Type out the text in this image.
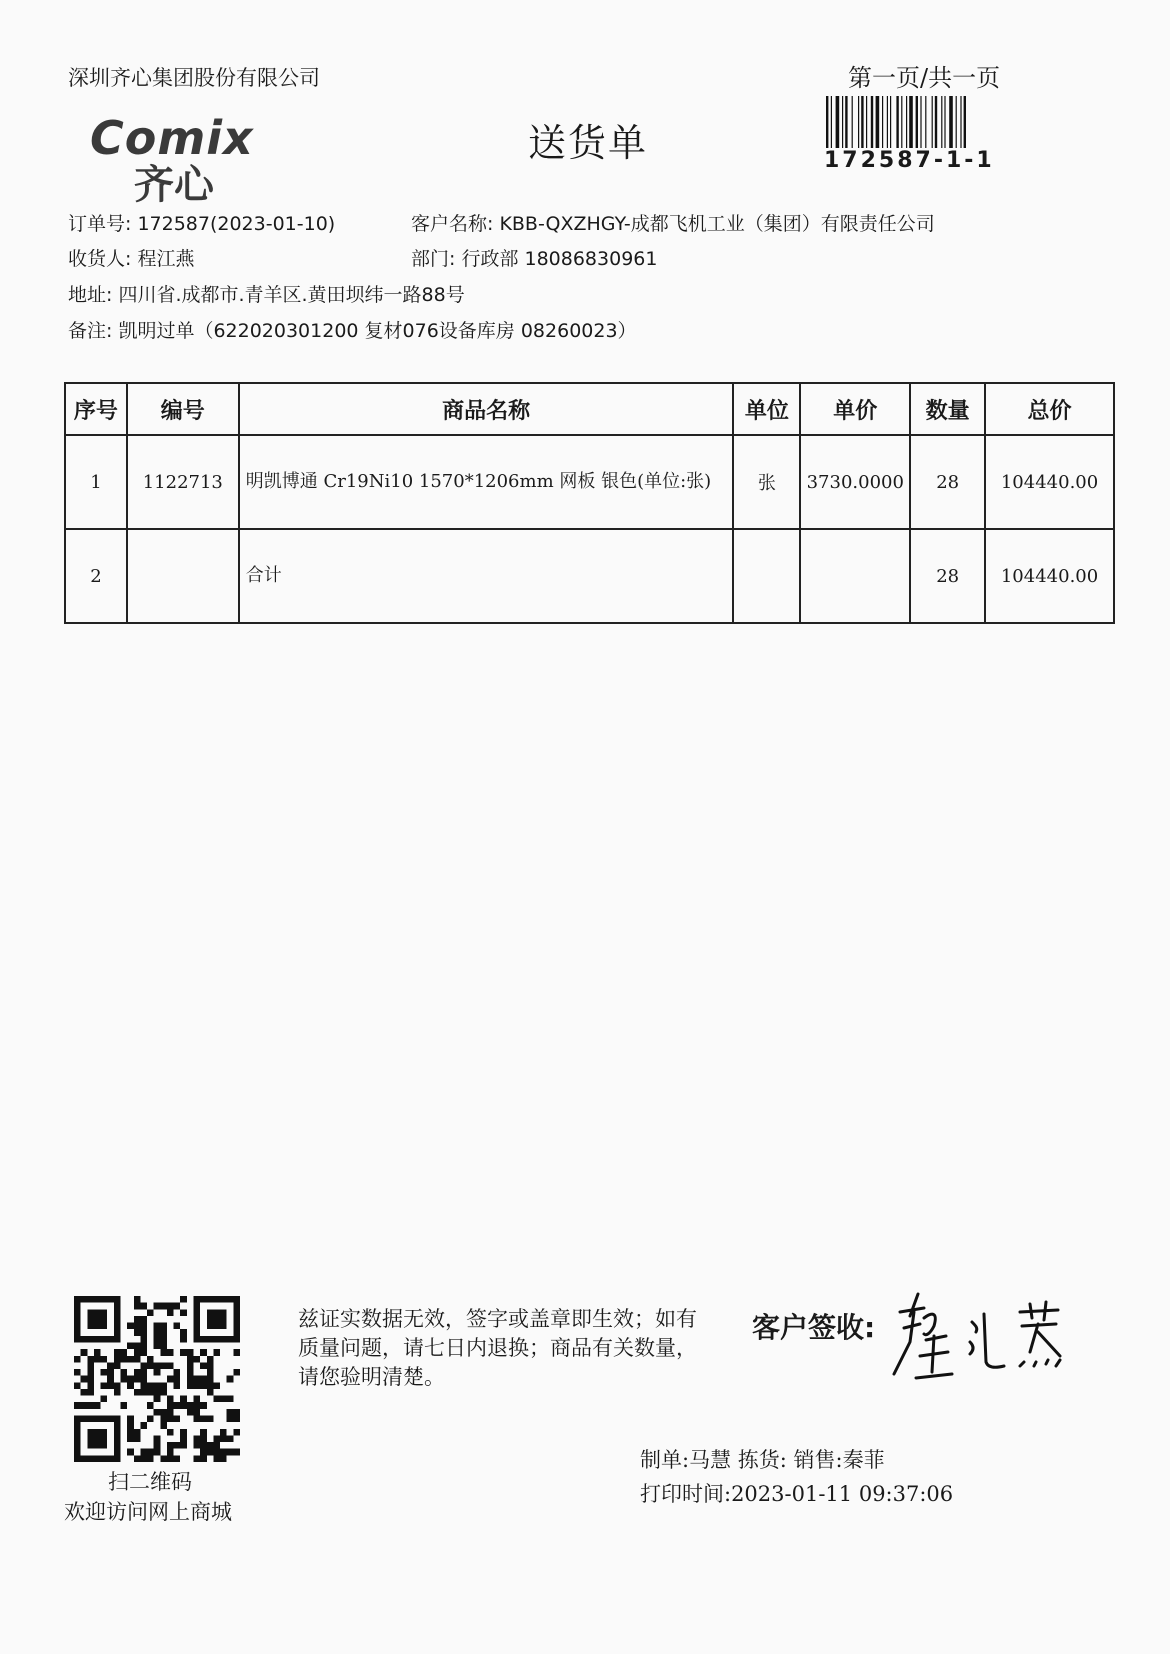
深圳齐心集团股份有限公司	第一页/共一页
172587-1-1
Comix
齐心
送货单
订单号: 172587(2023-01-10)	客户名称: KBB-QXZHGY-成都飞机工业（集团）有限责任公司
收货人: 程江燕	部门: 行政部 18086830961
地址: 四川省.成都市.青羊区.黄田坝纬一路88号
备注: 凯明过单（622020301200 复材076设备库房 08260023）
序号	编号	商品名称	单位	单价	数量	总价
1	1122713	明凯博通 Cr19Ni10 1570*1206mm 网板 银色(单位:张)	张	3730.0000	28	104440.00
2		合计			28	104440.00
扫二维码
欢迎访问网上商城
兹证实数据无效，签字或盖章即生效；如有质量问题，请七日内退换；商品有关数量，请您验明清楚。
客户签收:
制单:马慧 拣货: 销售:秦菲
打印时间:2023-01-11 09:37:06
